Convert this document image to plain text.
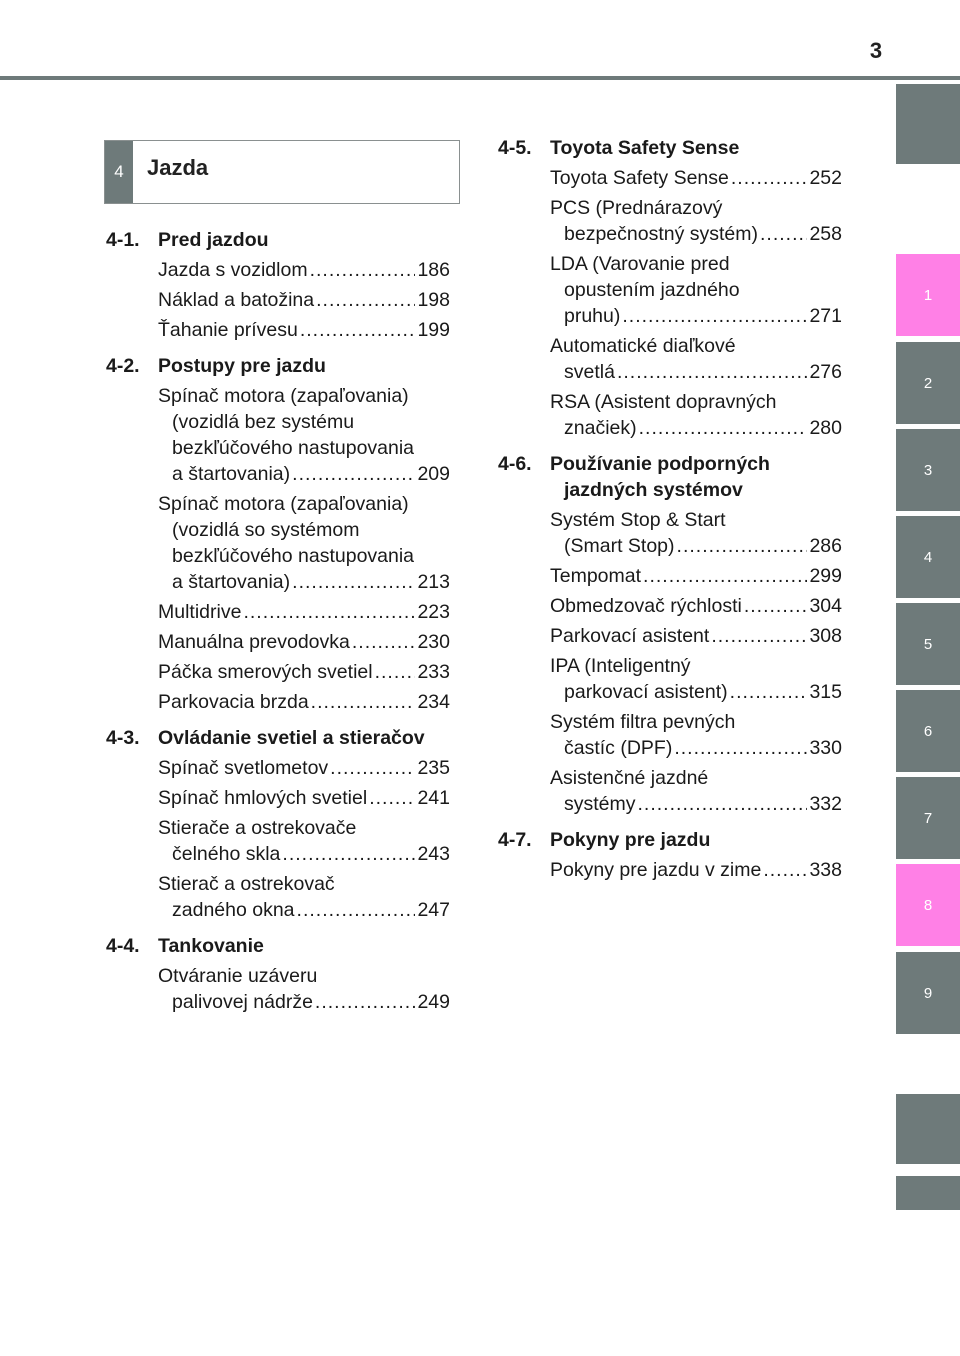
3
1
2
3
4
5
6
7
8
9
4	Jazda
4-1. Pred jazdou
Jazda s vozidlom .....	186
Náklad a batožina .....	198
Ťahanie prívesu .....	199
4-2. Postupy pre jazdu
Spínač motora (zapaľovania)
(vozidlá bez systému
bezkľúčového nastupovania
a štartovania) .....	209
Spínač motora (zapaľovania)
(vozidlá so systémom
bezkľúčového nastupovania
a štartovania) .....	213
Multidrive .....	223
Manuálna prevodovka .....	230
Páčka smerových svetiel ..... 233
Parkovacia brzda .....	234
4-3. Ovládanie svetiel a stieračov
Spínač svetlometov .....	235
Spínač hmlových svetiel .....	241
Stierače a ostrekovače
čelného skla .....	243
Stierač a ostrekovač
zadného okna .....	247
4-4. Tankovanie
Otváranie uzáveru
palivovej nádrže .....	249
4-5. Toyota Safety Sense
Toyota Safety Sense .....	252
PCS (Prednárazový
bezpečnostný systém) .....	258
LDA (Varovanie pred
opustením jazdného
pruhu) .....	271
Automatické diaľkové
svetlá .....	276
RSA (Asistent dopravných
značiek) .....	280
4-6. Používanie podporných
jazdných systémov
Systém Stop & Start
(Smart Stop) .....	286
Tempomat .....	299
Obmedzovač rýchlosti .....	304
Parkovací asistent .....	308
IPA (Inteligentný
parkovací asistent) .....	315
Systém filtra pevných
častíc (DPF) .....	330
Asistenčné jazdné
systémy .....	332
4-7. Pokyny pre jazdu
Pokyny pre jazdu v zime ..... 338
